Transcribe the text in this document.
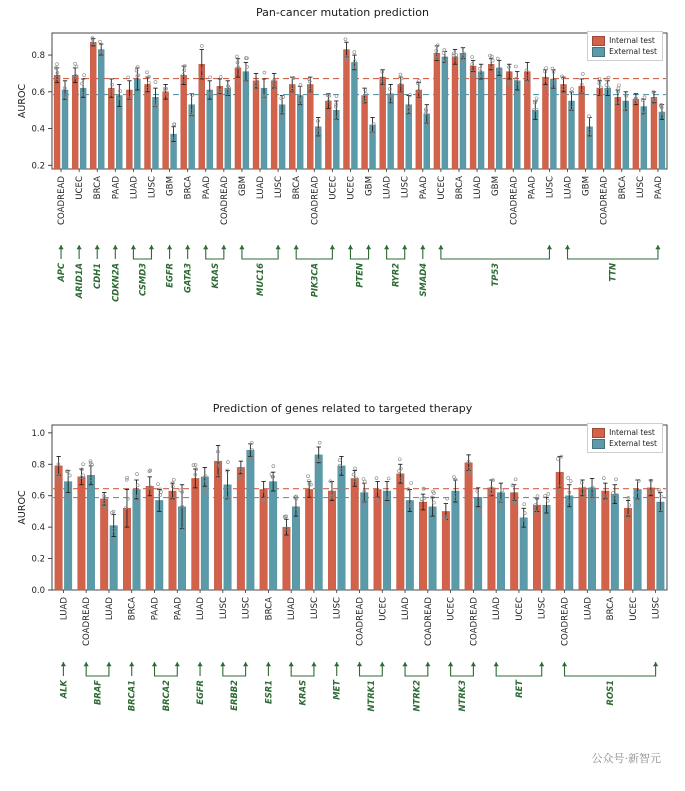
Pan-cancer mutation prediction
0.2
0.4
0.6
0.8
AUROC
COADREAD UCEC BRCA PAAD LUAD LUSC GBM BRCA PAAD COADREAD GBM LUAD LUSC BRCA COADREAD UCEC UCEC GBM LUAD LUSC PAAD UCEC BRCA LUAD GBM COADREAD PAAD LUSC LUAD GBM COADREAD BRCA LUSC PAAD
APC ARID1A CDH1 CDKN2A CSMD3 EGFR GATA3 KRAS	MUC16	PIK3CA	PTEN	RYR2 SMAD4	TP53	TTN
Internal test
External test
Prediction of genes related to targeted therapy
0.0
0.2
0.4
0.6
0.8
1.0
AUROC
LUAD COADREAD LUAD BRCA PAAD PAAD LUAD LUSC LUSC BRCA LUAD LUSC LUSC COADREAD UCEC LUAD COADREAD UCEC COADREAD LUAD UCEC LUSC COADREAD LUAD BRCA UCEC LUSC
ALK	BRAF	BRCA1	BRCA2	EGFR	ERBB2	ESR1	KRAS	MET	NTRK1	NTRK2	NTRK3	RET	ROS1
Internal test
External test
公众号·新智元
